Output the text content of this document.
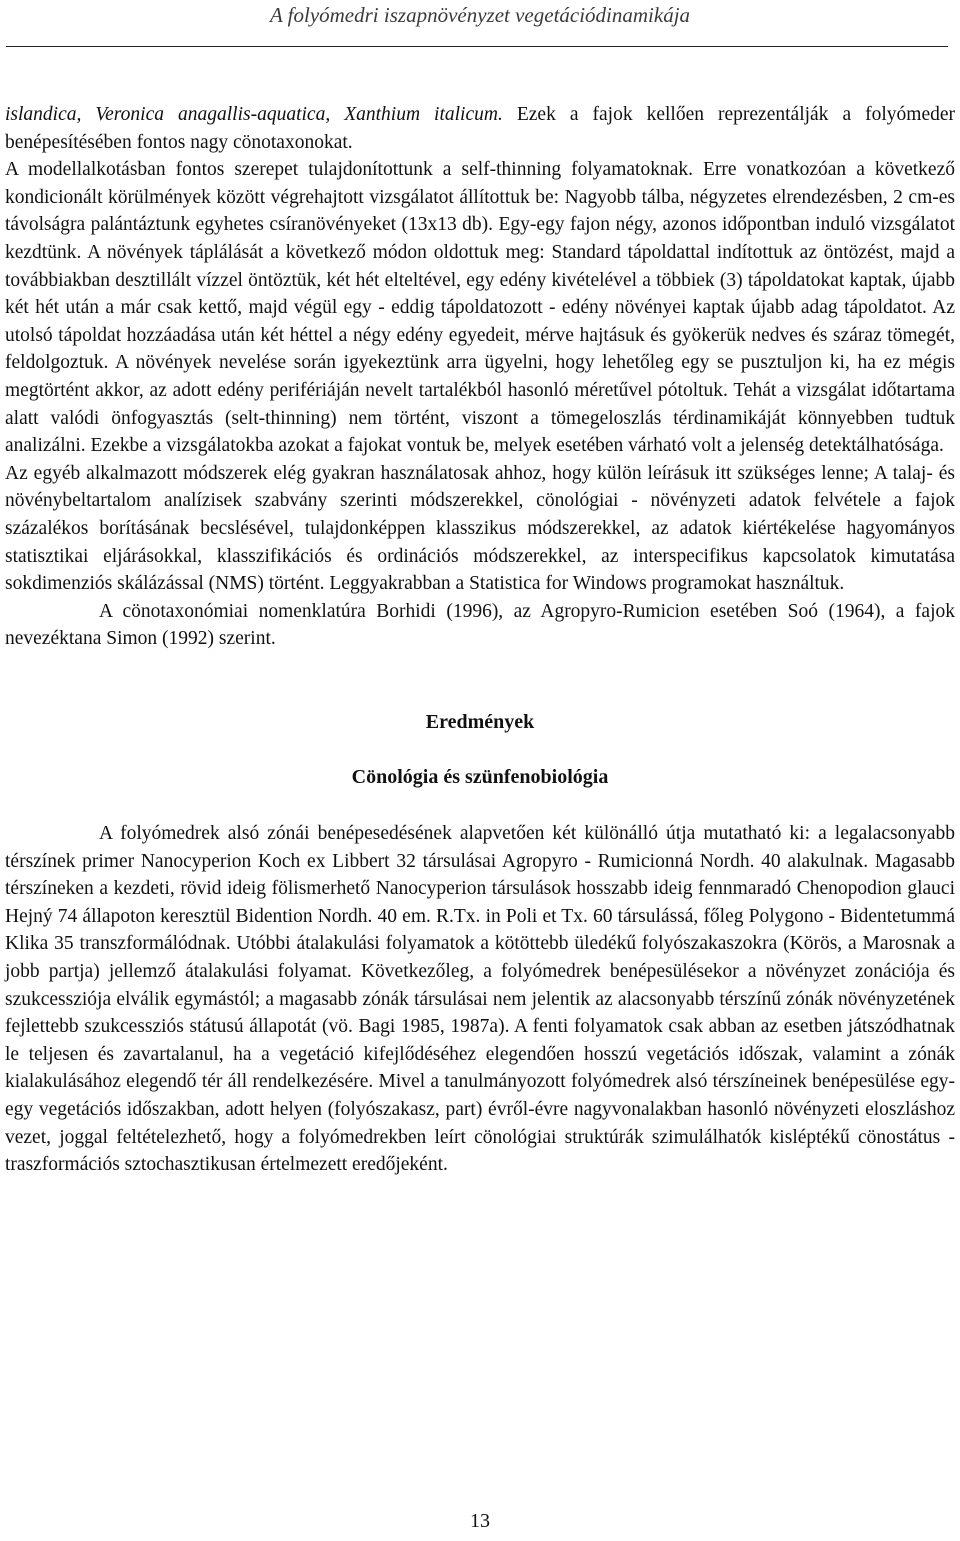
A folyómedri iszapnövényzet vegetációdinamikája

islandica, Veronica anagallis-aquatica, Xanthium italicum. Ezek a fajok kellően reprezentálják a folyómeder benépesítésében fontos nagy cönotaxonokat.

A modellalkotásban fontos szerepet tulajdonítottunk a self-thinning folyamatoknak. Erre vonatkozóan a következő kondicionált körülmények között végrehajtott vizsgálatot állítottuk be: Nagyobb tálba, négyzetes elrendezésben, 2 cm-es távolságra palántáztunk egyhetes csíranövényeket (13x13 db). Egy-egy fajon négy, azonos időpontban induló vizsgálatot kezdtünk. A növények táplálását a következő módon oldottuk meg: Standard tápoldattal indítottuk az öntözést, majd a továbbiakban desztillált vízzel öntöztük, két hét elteltével, egy edény kivételével a többiek (3) tápoldatokat kaptak, újabb két hét után a már csak kettő, majd végül egy - eddig tápoldatozott - edény növényei kaptak újabb adag tápoldatot. Az utolsó tápoldat hozzáadása után két héttel a négy edény egyedeit, mérve hajtásuk és gyökerük nedves és száraz tömegét, feldolgoztuk. A növények nevelése során igyekeztünk arra ügyelni, hogy lehetőleg egy se pusztuljon ki, ha ez mégis megtörtént akkor, az adott edény perifériáján nevelt tartalékból hasonló méretűvel pótoltuk. Tehát a vizsgálat időtartama alatt valódi önfogyasztás (selt-thinning) nem történt, viszont a tömegeloszlás térdinamikáját könnyebben tudtuk analizálni. Ezekbe a vizsgálatokba azokat a fajokat vontuk be, melyek esetében várható volt a jelenség detektálhatósága.

Az egyéb alkalmazott módszerek elég gyakran használatosak ahhoz, hogy külön leírásuk itt szükséges lenne; A talaj- és növénybeltartalom analízisek szabvány szerinti módszerekkel, cönológiai - növényzeti adatok felvétele a fajok százalékos borításának becslésével, tulajdonképpen klasszikus módszerekkel, az adatok kiértékelése hagyományos statisztikai eljárásokkal, klasszifikációs és ordinációs módszerekkel, az interspecifikus kapcsolatok kimutatása sokdimenziós skálázással (NMS) történt. Leggyakrabban a Statistica for Windows programokat használtuk.

A cönotaxonómiai nomenklatúra Borhidi (1996), az Agropyro-Rumicion esetében Soó (1964), a fajok nevezéktana Simon (1992) szerint.

Eredmények
Cönológia és szünfenobiológia

A folyómedrek alsó zónái benépesedésének alapvetően két különálló útja mutatható ki: a legalacsonyabb térszínek primer Nanocyperion Koch ex Libbert 32 társulásai Agropyro - Rumicionná Nordh. 40 alakulnak. Magasabb térszíneken a kezdeti, rövid ideig fölismerhető Nanocyperion társulások hosszabb ideig fennmaradó Chenopodion glauci Hejný 74 állapoton keresztül Bidention Nordh. 40 em. R.Tx. in Poli et Tx. 60 társulássá, főleg Polygono - Bidentetummá Klika 35 transzformálódnak. Utóbbi átalakulási folyamatok a kötöttebb üledékű folyószakaszokra (Körös, a Marosnak a jobb partja) jellemző átalakulási folyamat. Következőleg, a folyómedrek benépesülésekor a növényzet zonációja és szukcessziója elválik egymástól; a magasabb zónák társulásai nem jelentik az alacsonyabb térszínű zónák növényzetének fejlettebb szukcessziós státusú állapotát (vö. Bagi 1985, 1987a). A fenti folyamatok csak abban az esetben játszódhatnak le teljesen és zavartalanul, ha a vegetáció kifejlődéséhez elegendően hosszú vegetációs időszak, valamint a zónák kialakulásához elegendő tér áll rendelkezésére. Mivel a tanulmányozott folyómedrek alsó térszíneinek benépesülése egy-egy vegetációs időszakban, adott helyen (folyószakasz, part) évről-évre nagyvonalakban hasonló növényzeti eloszláshoz vezet, joggal feltételezhető, hogy a folyómedrekben leírt cönológiai struktúrák szimulálhatók kisléptékű cönostátus - traszformációs sztochasztikusan értelmezett eredőjeként.

13
